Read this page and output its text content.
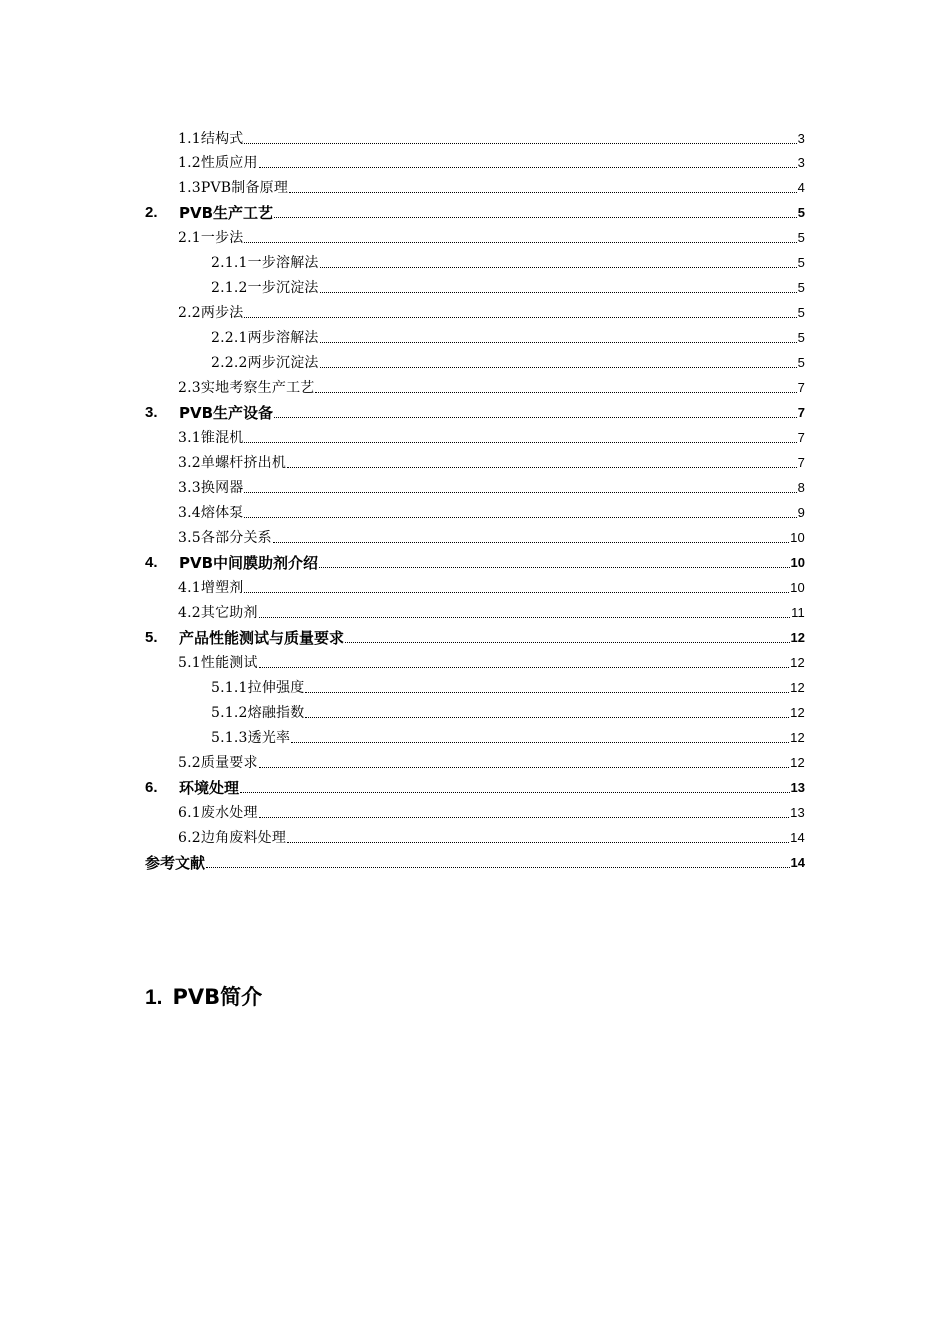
1.1结构式	3
1.2性质应用	3
1.3PVB制备原理	4
2.	PVB生产工艺	5
2.1一步法	5
2.1.1一步溶解法	5
2.1.2一步沉淀法	5
2.2两步法	5
2.2.1两步溶解法	5
2.2.2两步沉淀法	5
2.3实地考察生产工艺	7
3.	PVB生产设备	7
3.1锥混机	7
3.2单螺杆挤出机	7
3.3换网器	8
3.4熔体泵	9
3.5各部分关系	10
4.	PVB中间膜助剂介绍	10
4.1增塑剂	10
4.2其它助剂	11
5.	产品性能测试与质量要求	12
5.1性能测试	12
5.1.1拉伸强度	12
5.1.2熔融指数	12
5.1.3透光率	12
5.2质量要求	12
6.	环境处理	13
6.1废水处理	13
6.2边角废料处理	14
参考文献	14
1. PVB简介
